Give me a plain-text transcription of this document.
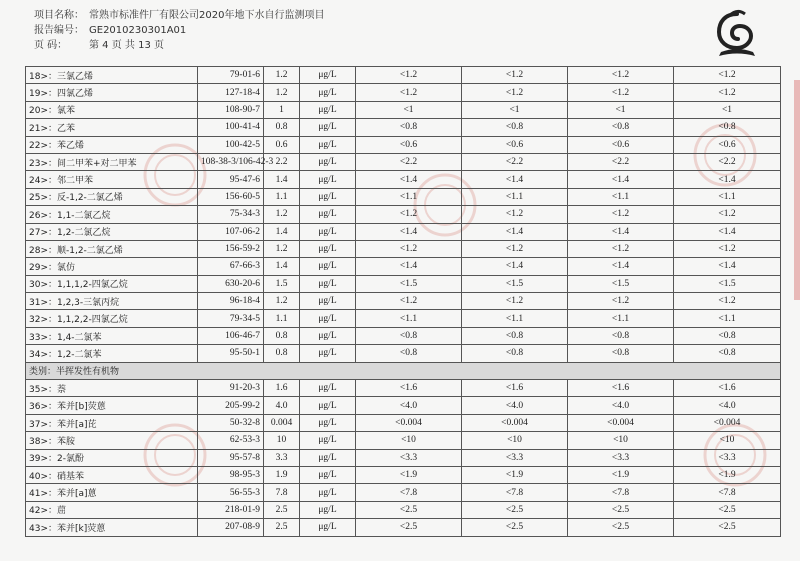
项目名称： 常熟市标准件厂有限公司2020年地下水自行监测项目
报告编号： GE2010230301A01
页 码：	第 4 页 共 13 页
18>：三氯乙烯	79-01-6	1.2	μg/L	<1.2	<1.2	<1.2	<1.2
19>：四氯乙烯	127-18-4	1.2	μg/L	<1.2	<1.2	<1.2	<1.2
20>：氯苯	108-90-7	1	μg/L	<1	<1	<1	<1
21>：乙苯	100-41-4	0.8	μg/L	<0.8	<0.8	<0.8	<0.8
22>：苯乙烯	100-42-5	0.6	μg/L	<0.6	<0.6	<0.6	<0.6
23>：间二甲苯+对二甲苯	108-38-3/106-42-3	2.2	μg/L	<2.2	<2.2	<2.2	<2.2
24>：邻二甲苯	95-47-6	1.4	μg/L	<1.4	<1.4	<1.4	<1.4
25>：反-1,2-二氯乙烯	156-60-5	1.1	μg/L	<1.1	<1.1	<1.1	<1.1
26>：1,1-二氯乙烷	75-34-3	1.2	μg/L	<1.2	<1.2	<1.2	<1.2
27>：1,2-二氯乙烷	107-06-2	1.4	μg/L	<1.4	<1.4	<1.4	<1.4
28>：顺-1,2-二氯乙烯	156-59-2	1.2	μg/L	<1.2	<1.2	<1.2	<1.2
29>：氯仿	67-66-3	1.4	μg/L	<1.4	<1.4	<1.4	<1.4
30>：1,1,1,2-四氯乙烷	630-20-6	1.5	μg/L	<1.5	<1.5	<1.5	<1.5
31>：1,2,3-三氯丙烷	96-18-4	1.2	μg/L	<1.2	<1.2	<1.2	<1.2
32>：1,1,2,2-四氯乙烷	79-34-5	1.1	μg/L	<1.1	<1.1	<1.1	<1.1
33>：1,4-二氯苯	106-46-7	0.8	μg/L	<0.8	<0.8	<0.8	<0.8
34>：1,2-二氯苯	95-50-1	0.8	μg/L	<0.8	<0.8	<0.8	<0.8
类别：半挥发性有机物							
35>：萘	91-20-3	1.6	μg/L	<1.6	<1.6	<1.6	<1.6
36>：苯并[b]荧蒽	205-99-2	4.0	μg/L	<4.0	<4.0	<4.0	<4.0
37>：苯并[a]芘	50-32-8	0.004	μg/L	<0.004	<0.004	<0.004	<0.004
38>：苯胺	62-53-3	10	μg/L	<10	<10	<10	<10
39>：2-氯酚	95-57-8	3.3	μg/L	<3.3	<3.3	<3.3	<3.3
40>：硝基苯	98-95-3	1.9	μg/L	<1.9	<1.9	<1.9	<1.9
41>：苯并[a]蒽	56-55-3	7.8	μg/L	<7.8	<7.8	<7.8	<7.8
42>：䓛	218-01-9	2.5	μg/L	<2.5	<2.5	<2.5	<2.5
43>：苯并[k]荧蒽	207-08-9	2.5	μg/L	<2.5	<2.5	<2.5	<2.5
